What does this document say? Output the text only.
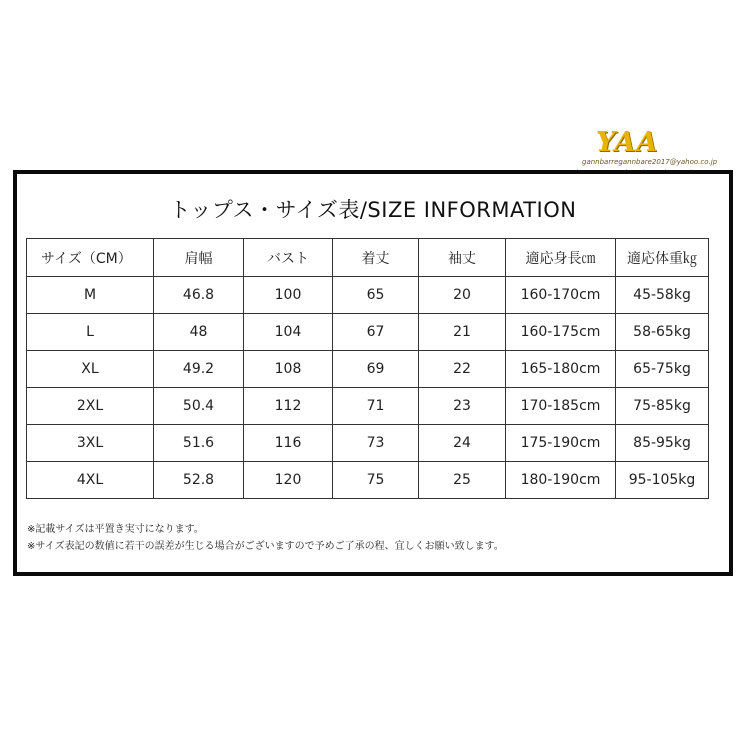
YAA
gannbarregannbare2017@yahoo.co.jp
トップス・サイズ表/SIZE INFORMATION
サイズ（CM）	肩幅	バスト	着丈	袖丈	適応身長㎝	適応体重㎏
M	46.8	100	65	20	160-170cm	45-58kg
L	48	104	67	21	160-175cm	58-65kg
XL	49.2	108	69	22	165-180cm	65-75kg
2XL	50.4	112	71	23	170-185cm	75-85kg
3XL	51.6	116	73	24	175-190cm	85-95kg
4XL	52.8	120	75	25	180-190cm	95-105kg
※記載サイズは平置き実寸になります。
※サイズ表記の数値に若干の誤差が生じる場合がございますので予めご了承の程、宜しくお願い致します。
